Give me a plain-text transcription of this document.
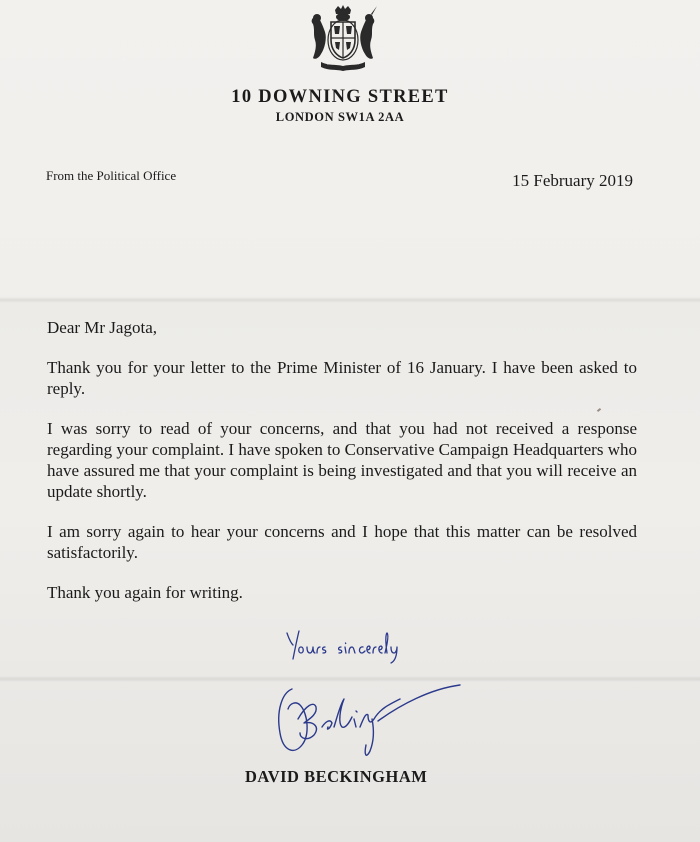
10 DOWNING STREET
LONDON SW1A 2AA
From the Political Office	15 February 2019

Dear Mr Jagota,

Thank you for your letter to the Prime Minister of 16 January. I have been asked to reply.

I was sorry to read of your concerns, and that you had not received a response regarding your complaint. I have spoken to Conservative Campaign Headquarters who have assured me that your complaint is being investigated and that you will receive an update shortly.

I am sorry again to hear your concerns and I hope that this matter can be resolved satisfactorily.

Thank you again for writing.

DAVID BECKINGHAM
